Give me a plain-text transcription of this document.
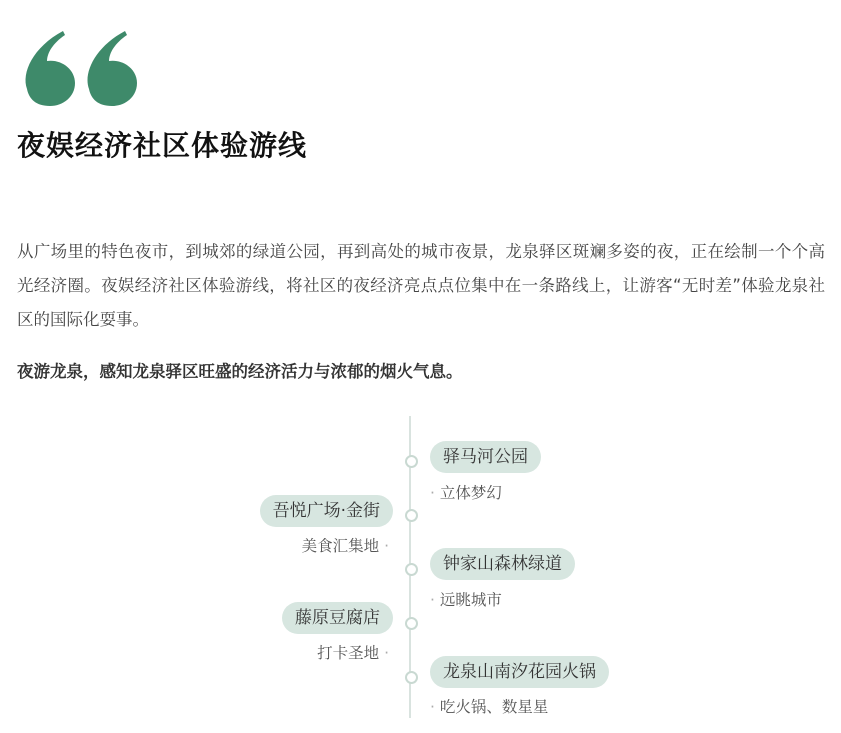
夜娱经济社区体验游线

从广场里的特色夜市，到城郊的绿道公园，再到高处的城市夜景，龙泉驿区斑斓多姿的夜，正在绘制一个个高光经济圈。夜娱经济社区体验游线，将社区的夜经济亮点点位集中在一条路线上，让游客“无时差”体验龙泉社区的国际化耍事。

夜游龙泉，感知龙泉驿区旺盛的经济活力与浓郁的烟火气息。

驿马河公园
· 立体梦幻
吾悦广场·金街
美食汇集地 ·
钟家山森林绿道
· 远眺城市
藤原豆腐店
打卡圣地 ·
龙泉山南汐花园火锅
· 吃火锅、数星星
